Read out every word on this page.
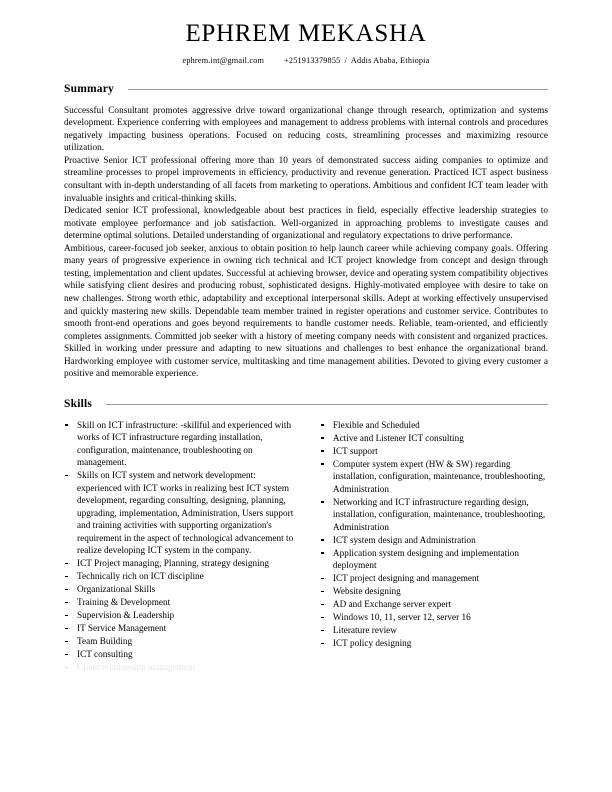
EPHREM MEKASHA
ephrem.int@gmail.com +251913379855 / Addis Ababa, Ethiopia
Summary

Successful Consultant promotes aggressive drive toward organizational change through research, optimization and systems development. Experience conferring with employees and management to address problems with internal controls and procedures negatively impacting business operations. Focused on reducing costs, streamlining processes and maximizing resource utilization.

Proactive Senior ICT professional offering more than 10 years of demonstrated success aiding companies to optimize and streamline processes to propel improvements in efficiency, productivity and revenue generation. Practiced ICT aspect business consultant with in-depth understanding of all facets from marketing to operations. Ambitious and confident ICT team leader with invaluable insights and critical-thinking skills.

Dedicated senior ICT professional, knowledgeable about best practices in field, especially effective leadership strategies to motivate employee performance and job satisfaction. Well-organized in approaching problems to investigate causes and determine optimal solutions. Detailed understanding of organizational and regulatory expectations to drive performance.

Ambitious, career-focused job seeker, anxious to obtain position to help launch career while achieving company goals. Offering many years of progressive experience in owning rich technical and ICT project knowledge from concept and design through testing, implementation and client updates. Successful at achieving browser, device and operating system compatibility objectives while satisfying client desires and producing robust, sophisticated designs. Highly-motivated employee with desire to take on new challenges. Strong worth ethic, adaptability and exceptional interpersonal skills. Adept at working effectively unsupervised and quickly mastering new skills. Dependable team member trained in register operations and customer service. Contributes to smooth front-end operations and goes beyond requirements to handle customer needs. Reliable, team-oriented, and efficiently completes assignments. Committed job seeker with a history of meeting company needs with consistent and organized practices. Skilled in working under pressure and adapting to new situations and challenges to best enhance the organizational brand. Hardworking employee with customer service, multitasking and time management abilities. Devoted to giving every customer a positive and memorable experience.

Skills
Skill on ICT infrastructure: -skillful and experienced with works of ICT infrastructure regarding installation, configuration, maintenance, troubleshooting on management.
Skills on ICT system and network development: experienced with ICT works in realizing best ICT system development, regarding consulting, designing, planning, upgrading, implementation, Administration, Users support and training activities with supporting organization's requirement in the aspect of technological advancement to realize developing ICT system in the company.
ICT Project managing, Planning, strategy designing
Technically rich on ICT discipline
Organizational Skills
Training & Development
Supervision & Leadership
IT Service Management
Team Building
ICT consulting
Client relationship management
Flexible and Scheduled
Active and Listener ICT consulting
ICT support
Computer system expert (HW & SW) regarding installation, configuration, maintenance, troubleshooting, Administration
Networking and ICT infrastructure regarding design, installation, configuration, maintenance, troubleshooting, Administration
ICT system design and Administration
Application system designing and implementation deployment
ICT project designing and management
Website designing
AD and Exchange server expert
Windows 10, 11, server 12, server 16
Literature review
ICT policy designing
